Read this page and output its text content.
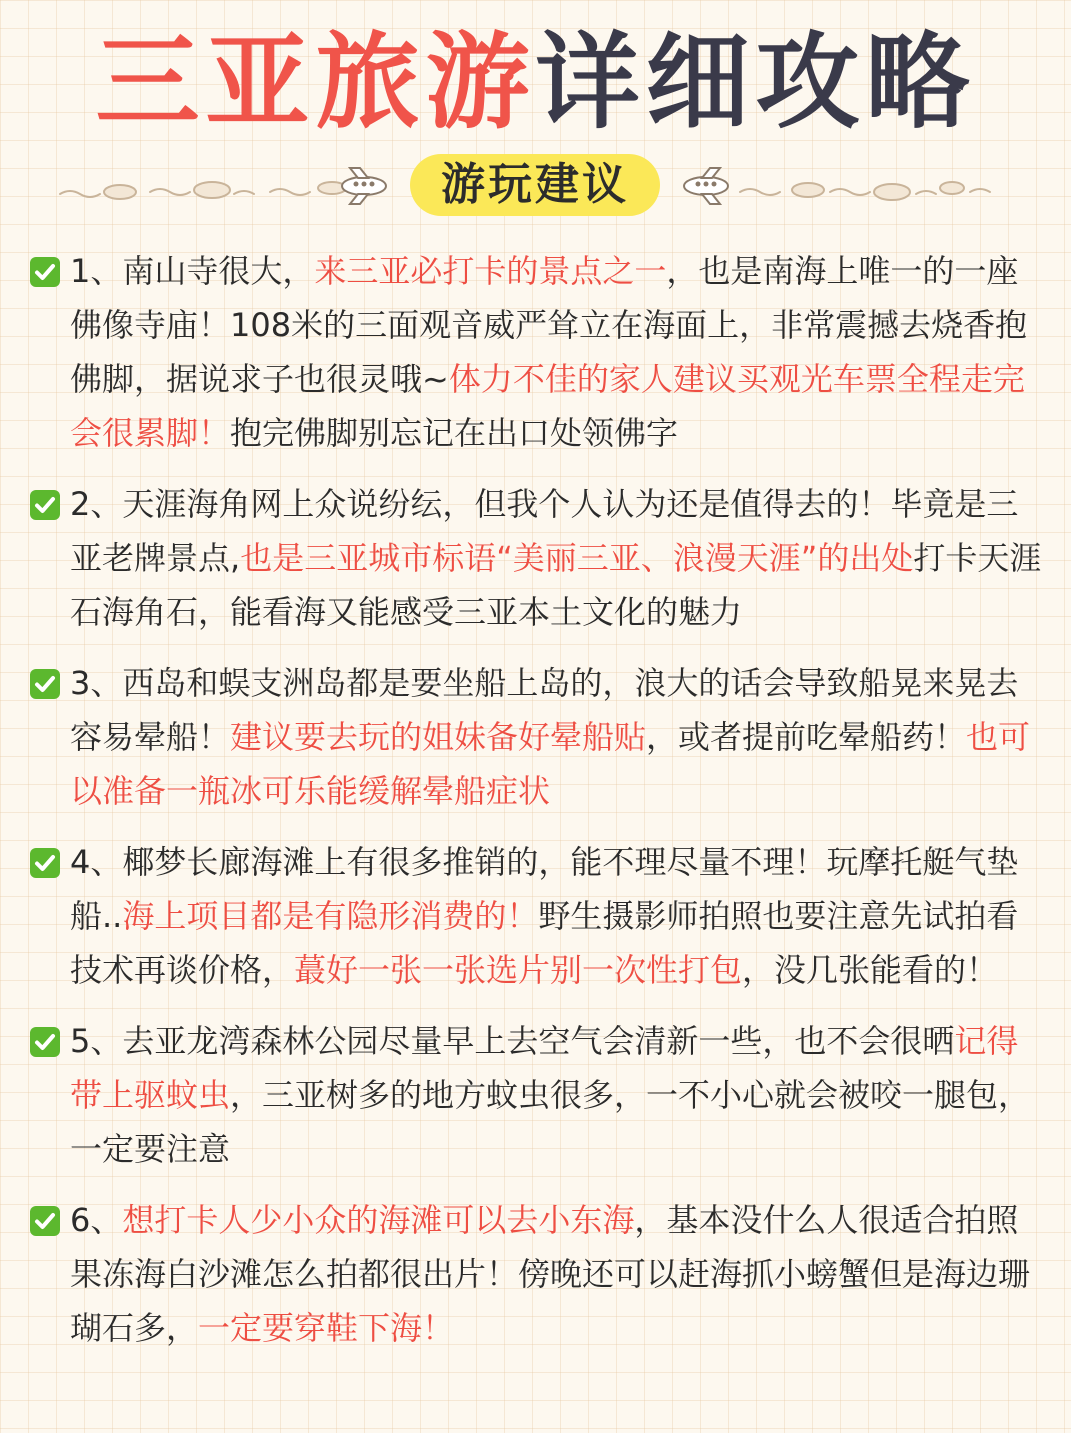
三亚旅游详细攻略
游玩建议
1、南山寺很大，来三亚必打卡的景点之一，也是南海上唯一的一座佛像寺庙！108米的三面观音威严耸立在海面上，非常震撼去烧香抱佛脚，据说求子也很灵哦~体力不佳的家人建议买观光车票全程走完会很累脚！抱完佛脚别忘记在出口处领佛字
2、天涯海角网上众说纷纭，但我个人认为还是值得去的！毕竟是三亚老牌景点,也是三亚城市标语“美丽三亚、浪漫天涯”的出处打卡天涯石海角石，能看海又能感受三亚本土文化的魅力
3、西岛和蜈支洲岛都是要坐船上岛的，浪大的话会导致船晃来晃去容易晕船！建议要去玩的姐妹备好晕船贴，或者提前吃晕船药！也可以准备一瓶冰可乐能缓解晕船症状
4、椰梦长廊海滩上有很多推销的，能不理尽量不理！玩摩托艇气垫船..海上项目都是有隐形消费的！野生摄影师拍照也要注意先试拍看技术再谈价格，蕞好一张一张选片别一次性打包，没几张能看的！
5、去亚龙湾森林公园尽量早上去空气会清新一些，也不会很晒记得带上驱蚊虫，三亚树多的地方蚊虫很多，一不小心就会被咬一腿包，一定要注意
6、想打卡人少小众的海滩可以去小东海，基本没什么人很适合拍照果冻海白沙滩怎么拍都很出片！傍晚还可以赶海抓小螃蟹但是海边珊瑚石多，一定要穿鞋下海！
